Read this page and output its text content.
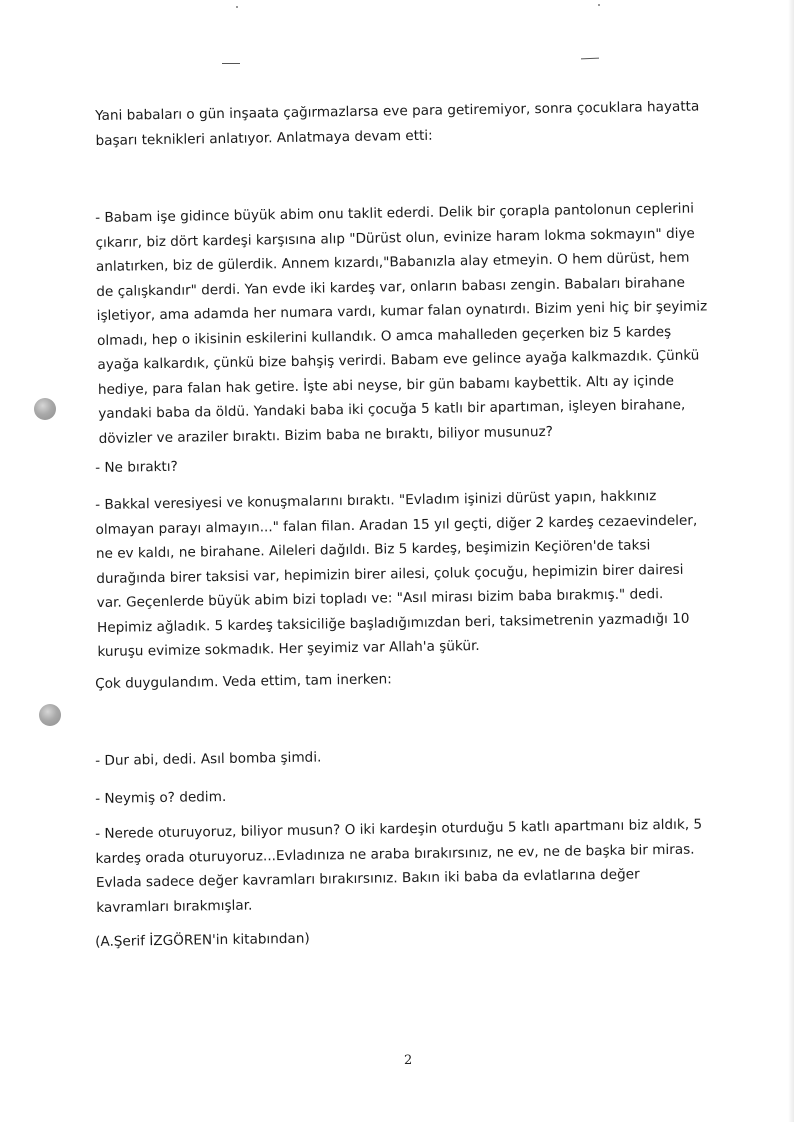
Yani babaları o gün inşaata çağırmazlarsa eve para getiremiyor, sonra çocuklara hayatta başarı teknikleri anlatıyor. Anlatmaya devam etti:

- Babam işe gidince büyük abim onu taklit ederdi. Delik bir çorapla pantolonun ceplerini çıkarır, biz dört kardeşi karşısına alıp "Dürüst olun, evinize haram lokma sokmayın" diye anlatırken, biz de gülerdik. Annem kızardı,"Babanızla alay etmeyin. O hem dürüst, hem de çalışkandır" derdi. Yan evde iki kardeş var, onların babası zengin. Babaları birahane işletiyor, ama adamda her numara vardı, kumar falan oynatırdı. Bizim yeni hiç bir şeyimiz olmadı, hep o ikisinin eskilerini kullandık. O amca mahalleden geçerken biz 5 kardeş ayağa kalkardık, çünkü bize bahşiş verirdi. Babam eve gelince ayağa kalkmazdık. Çünkü hediye, para falan hak getire. İşte abi neyse, bir gün babamı kaybettik. Altı ay içinde yandaki baba da öldü. Yandaki baba iki çocuğa 5 katlı bir apartıman, işleyen birahane, dövizler ve araziler bıraktı. Bizim baba ne bıraktı, biliyor musunuz?

- Ne bıraktı?

- Bakkal veresiyesi ve konuşmalarını bıraktı. "Evladım işinizi dürüst yapın, hakkınız olmayan parayı almayın..." falan filan. Aradan 15 yıl geçti, diğer 2 kardeş cezaevindeler, ne ev kaldı, ne birahane. Aileleri dağıldı. Biz 5 kardeş, beşimizin Keçiören'de taksi durağında birer taksisi var, hepimizin birer ailesi, çoluk çocuğu, hepimizin birer dairesi var. Geçenlerde büyük abim bizi topladı ve: "Asıl mirası bizim baba bırakmış." dedi. Hepimiz ağladık. 5 kardeş taksiciliğe başladığımızdan beri, taksimetrenin yazmadığı 10 kuruşu evimize sokmadık. Her şeyimiz var Allah'a şükür.

Çok duygulandım. Veda ettim, tam inerken:

- Dur abi, dedi. Asıl bomba şimdi.

- Neymiş o? dedim.

- Nerede oturuyoruz, biliyor musun? O iki kardeşin oturduğu 5 katlı apartmanı biz aldık, 5 kardeş orada oturuyoruz...Evladınıza ne araba bırakırsınız, ne ev, ne de başka bir miras. Evlada sadece değer kavramları bırakırsınız. Bakın iki baba da evlatlarına değer kavramları bırakmışlar.

(A.Şerif İZGÖREN'in kitabından)

2
